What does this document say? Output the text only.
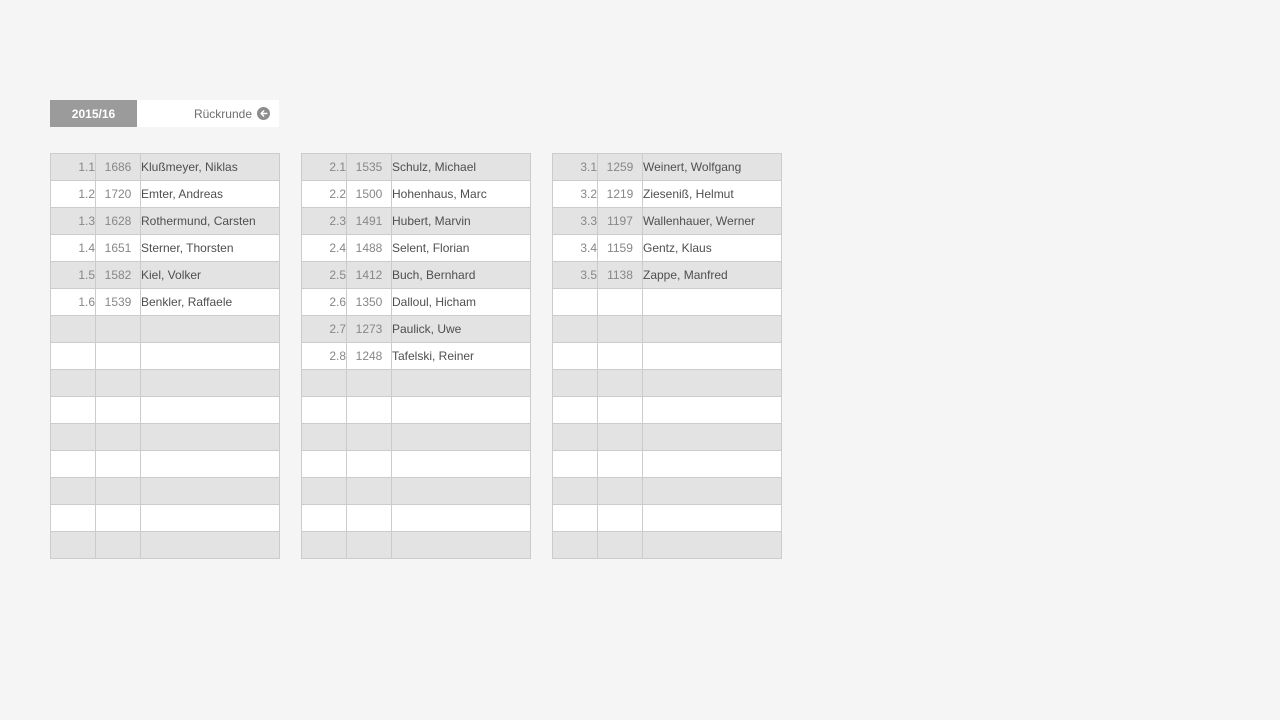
2015/16	Rückrunde
1.1	1686	Klußmeyer, Niklas
1.2	1720	Emter, Andreas
1.3	1628	Rothermund, Carsten
1.4	1651	Sterner, Thorsten
1.5	1582	Kiel, Volker
1.6	1539	Benkler, Raffaele

2.1	1535	Schulz, Michael
2.2	1500	Hohenhaus, Marc
2.3	1491	Hubert, Marvin
2.4	1488	Selent, Florian
2.5	1412	Buch, Bernhard
2.6	1350	Dalloul, Hicham
2.7	1273	Paulick, Uwe
2.8	1248	Tafelski, Reiner

3.1	1259	Weinert, Wolfgang
3.2	1219	Zieseniß, Helmut
3.3	1197	Wallenhauer, Werner
3.4	1159	Gentz, Klaus
3.5	1138	Zappe, Manfred
